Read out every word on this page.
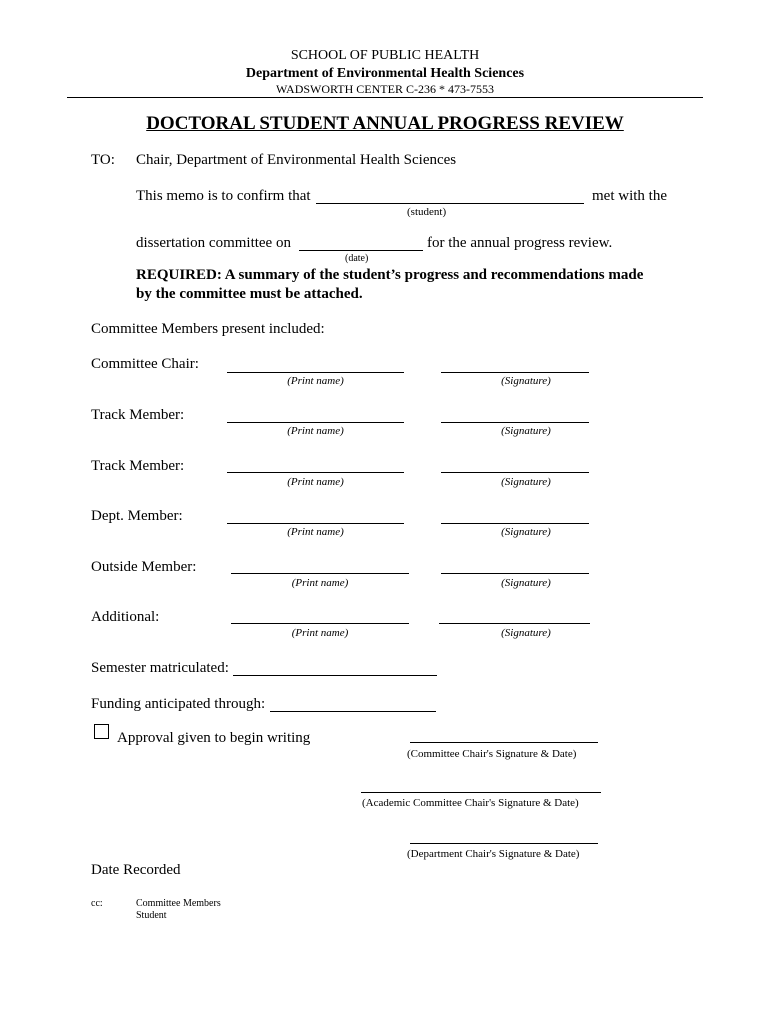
SCHOOL OF PUBLIC HEALTH
Department of Environmental Health Sciences
WADSWORTH CENTER C-236 * 473-7553
DOCTORAL STUDENT ANNUAL PROGRESS REVIEW
TO: Chair, Department of Environmental Health Sciences
This memo is to confirm that	met with the
(student)
dissertation committee on	for the annual progress review.
(date)
REQUIRED: A summary of the student’s progress and recommendations made
by the committee must be attached.
Committee Members present included:
Committee Chair:
(Print name)	(Signature)
Track Member:
(Print name)	(Signature)
Track Member:
(Print name)	(Signature)
Dept. Member:
(Print name)	(Signature)
Outside Member:
(Print name)	(Signature)
Additional:
(Print name)	(Signature)
Semester matriculated:
Funding anticipated through:
Approval given to begin writing
(Committee Chair's Signature & Date)
(Academic Committee Chair's Signature & Date)
(Department Chair's Signature & Date)
Date Recorded
cc:	Committee Members
Student
